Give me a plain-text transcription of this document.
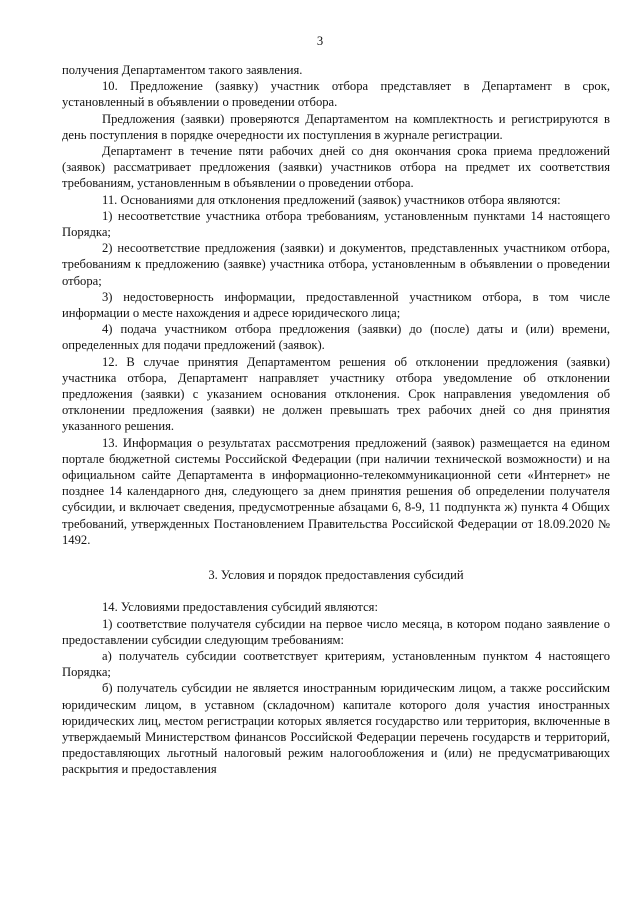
3

получения Департаментом такого заявления.

10. Предложение (заявку) участник отбора представляет в Департамент в срок, установленный в объявлении о проведении отбора.

Предложения (заявки) проверяются Департаментом на комплектность и регистрируются в день поступления в порядке очередности их поступления в журнале регистрации.

Департамент в течение пяти рабочих дней со дня окончания срока приема предложений (заявок) рассматривает предложения (заявки) участников отбора на предмет их соответствия требованиям, установленным в объявлении о проведении отбора.

11. Основаниями для отклонения предложений (заявок) участников отбора являются:

1) несоответствие участника отбора требованиям, установленным пунктами 14 настоящего Порядка;

2) несоответствие предложения (заявки) и документов, представленных участником отбора, требованиям к предложению (заявке) участника отбора, установленным в объявлении о проведении отбора;

3) недостоверность информации, предоставленной участником отбора, в том числе информации о месте нахождения и адресе юридического лица;

4) подача участником отбора предложения (заявки) до (после) даты и (или) времени, определенных для подачи предложений (заявок).

12. В случае принятия Департаментом решения об отклонении предложения (заявки) участника отбора, Департамент направляет участнику отбора уведомление об отклонении предложения (заявки) с указанием основания отклонения. Срок направления уведомления об отклонении предложения (заявки) не должен превышать трех рабочих дней со дня принятия указанного решения.

13. Информация о результатах рассмотрения предложений (заявок) размещается на едином портале бюджетной системы Российской Федерации (при наличии технической возможности) и на официальном сайте Департамента в информационно-телекоммуникационной сети «Интернет» не позднее 14 календарного дня, следующего за днем принятия решения об определении получателя субсидии, и включает сведения, предусмотренные абзацами 6, 8-9, 11 подпункта ж) пункта 4 Общих требований, утвержденных Постановлением Правительства Российской Федерации от 18.09.2020 № 1492.

3. Условия и порядок предоставления субсидий

14. Условиями предоставления субсидий являются:

1) соответствие получателя субсидии на первое число месяца, в котором подано заявление о предоставлении субсидии следующим требованиям:

а) получатель субсидии соответствует критериям, установленным пунктом 4 настоящего Порядка;

б) получатель субсидии не является иностранным юридическим лицом, а также российским юридическим лицом, в уставном (складочном) капитале которого доля участия иностранных юридических лиц, местом регистрации которых является государство или территория, включенные в утверждаемый Министерством финансов Российской Федерации перечень государств и территорий, предоставляющих льготный налоговый режим налогообложения и (или) не предусматривающих раскрытия и предоставления
